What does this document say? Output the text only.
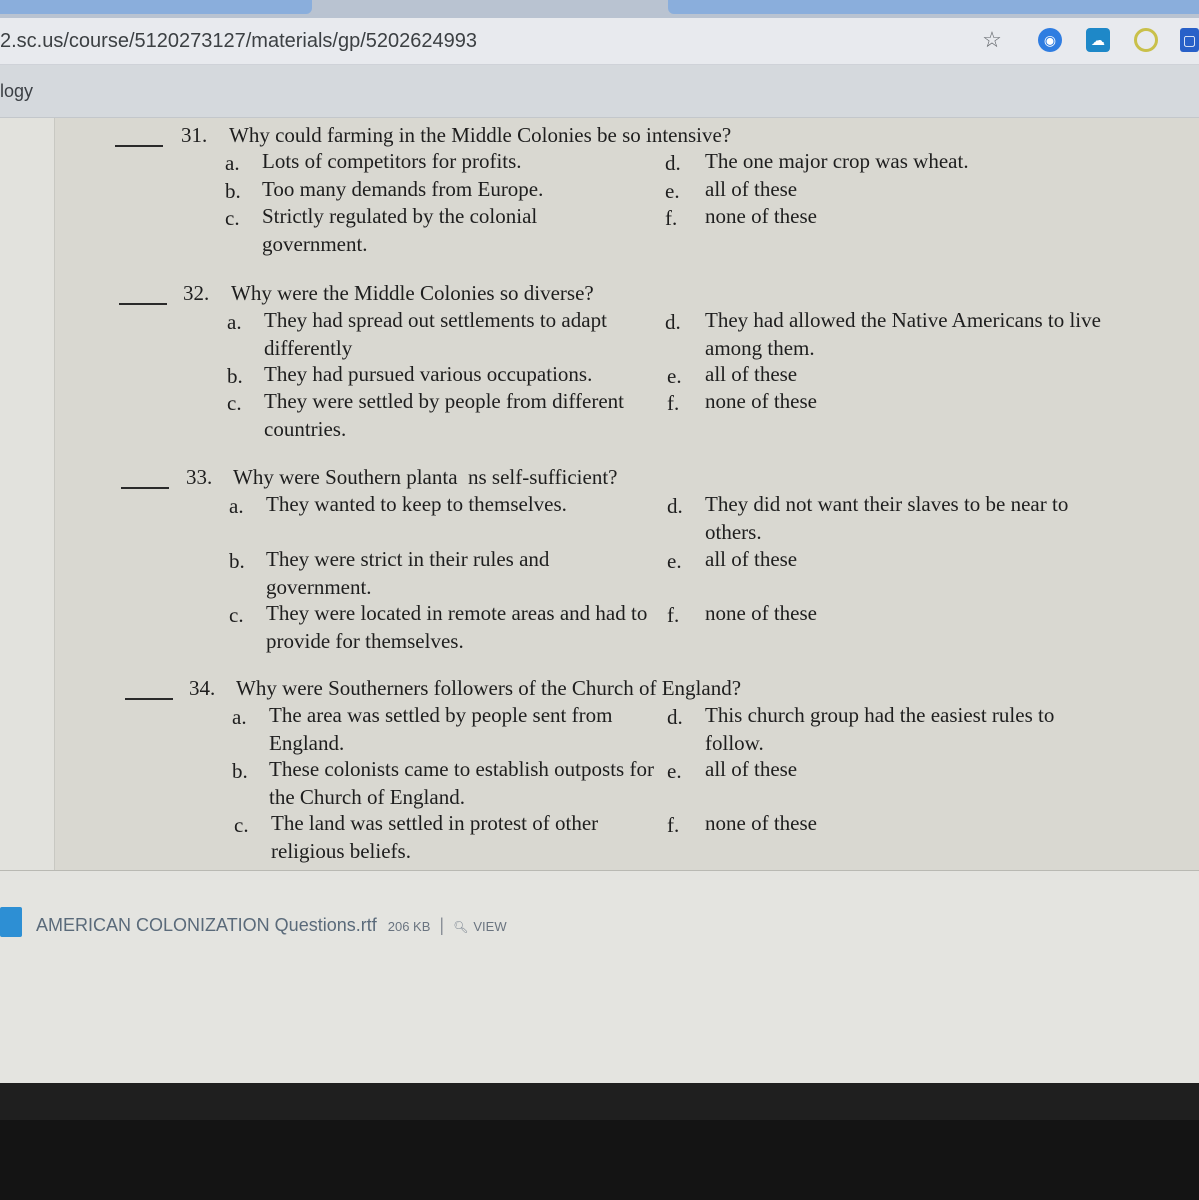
2.sc.us/course/5120273127/materials/gp/5202624993	☆	◉	☁	▢
logy
31. Why could farming in the Middle Colonies be so intensive?
a. Lots of competitors for profits.
b. Too many demands from Europe.
c. Strictly regulated by the colonial government.
d. The one major crop was wheat.
e. all of these
f. none of these
32. Why were the Middle Colonies so diverse?
a. They had spread out settlements to adapt differently
b. They had pursued various occupations.
c. They were settled by people from different countries.
d. They had allowed the Native Americans to live among them.
e. all of these
f. none of these
33. Why were Southern planta  ns self-sufficient?
a. They wanted to keep to themselves.
b. They were strict in their rules and government.
c. They were located in remote areas and had to provide for themselves.
d. They did not want their slaves to be near to others.
e. all of these
f. none of these
34. Why were Southerners followers of the Church of England?
a. The area was settled by people sent from England.
b. These colonists came to establish outposts for the Church of England.
c. The land was settled in protest of other religious beliefs.
d. This church group had the easiest rules to follow.
e. all of these
f. none of these
AMERICAN COLONIZATION Questions.rtf 206 KB | 🔍︎ VIEW
